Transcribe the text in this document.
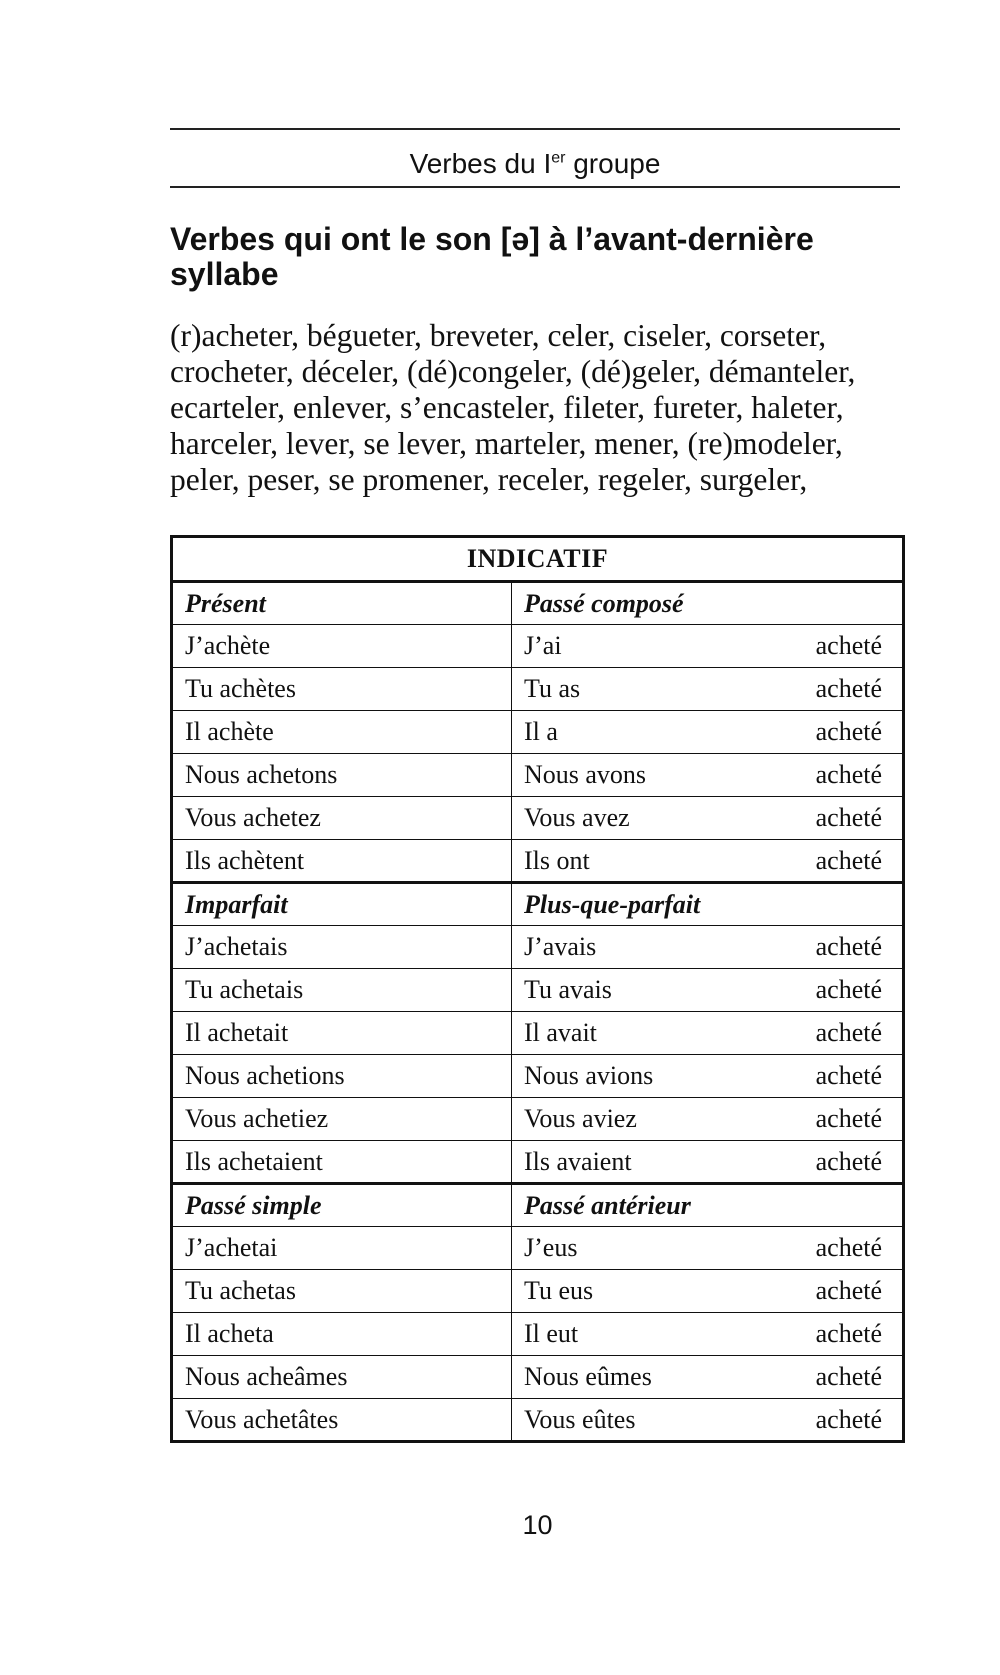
Verbes du Ier groupe
Verbes qui ont le son [ə] à l’avant-dernière syllabe
(r)acheter, bégueter, breveter, celer, ciseler, corseter, crocheter, déceler, (dé)congeler, (dé)geler, démanteler, ecarteler, enlever, s’encasteler, fileter, fureter, haleter, harceler, lever, se lever, marteler, mener, (re)modeler, peler, peser, se promener, receler, regeler, surgeler,
INDICATIF	
Présent	Passé composé
J’achète	J’ai acheté

Tu achètes	Tu as acheté

Il achète	Il a acheté

Nous achetons	Nous avons acheté

Vous achetez	Vous avez acheté

Ils achètent	Ils ont acheté

Imparfait	Plus-que-parfait
J’achetais	J’avais acheté

Tu achetais	Tu avais acheté

Il achetait	Il avait acheté

Nous achetions	Nous avions acheté

Vous achetiez	Vous aviez acheté

Ils achetaient	Ils avaient acheté

Passé simple	Passé antérieur
J’achetai	J’eus acheté

Tu achetas	Tu eus acheté

Il acheta	Il eut acheté

Nous acheâmes	Nous eûmes acheté

Vous achetâtes	Vous eûtes acheté
10
